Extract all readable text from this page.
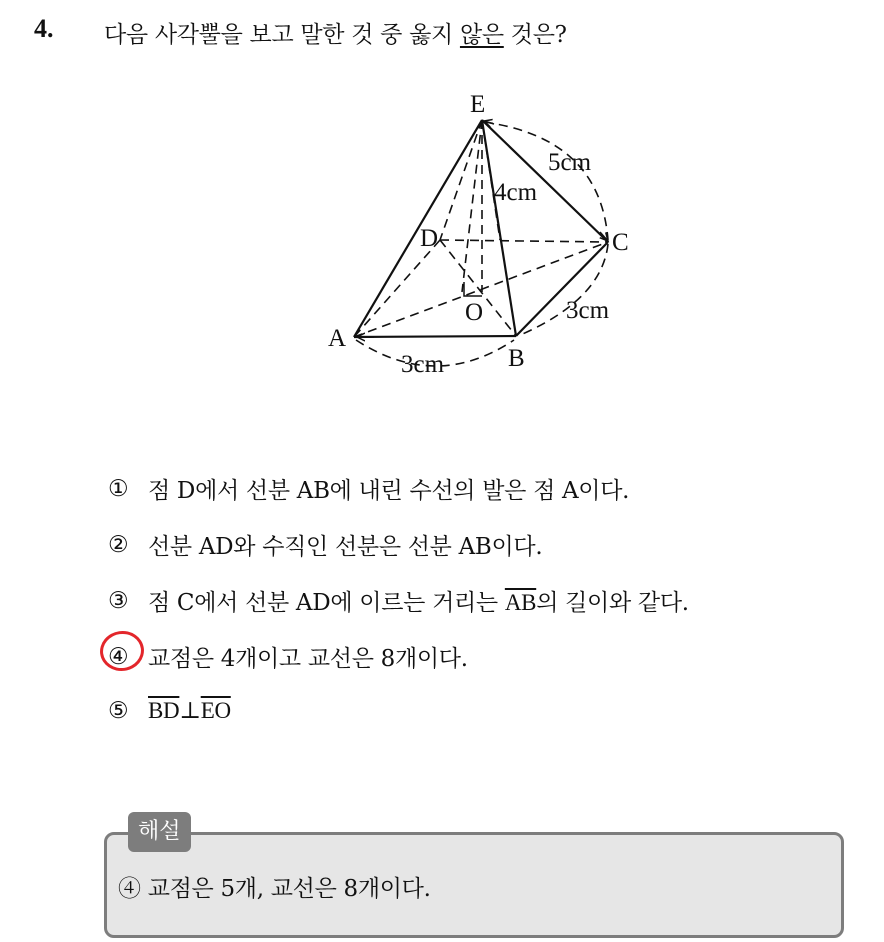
4. 다음 사각뿔을 보고 말한 것 중 옳지 않은 것은?
E
D	C
O
A
B
5cm
4cm
3cm
3cm
① 점 D에서 선분 AB에 내린 수선의 발은 점 A이다.
② 선분 AD와 수직인 선분은 선분 AB이다.
③ 점 C에서 선분 AD에 이르는 거리는 $\overline{AB}$의 길이와 같다.
④ 교점은 4개이고 교선은 8개이다.
⑤ $\overline{BD}\perp\overline{EO}$
해설
④ 교점은 5개, 교선은 8개이다.
